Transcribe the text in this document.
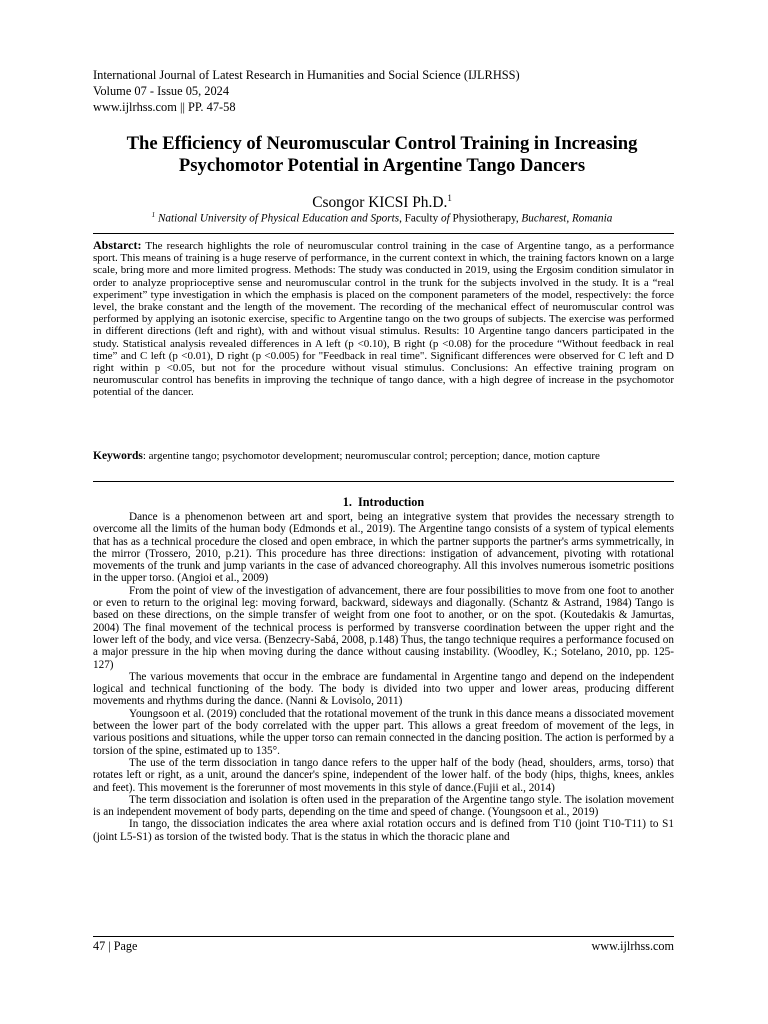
International Journal of Latest Research in Humanities and Social Science (IJLRHSS)
Volume 07 - Issue 05, 2024
www.ijlrhss.com || PP. 47-58
The Efficiency of Neuromuscular Control Training in Increasing
Psychomotor Potential in Argentine Tango Dancers
Csongor KICSI Ph.D.$^1$
$^1$ National University of Physical Education and Sports, Faculty of Physiotherapy, Bucharest, Romania
Abstarct: The research highlights the role of neuromuscular control training in the case of Argentine tango, as a performance sport. This means of training is a huge reserve of performance, in the current context in which, the training factors known on a large scale, bring more and more limited progress. Methods: The study was conducted in 2019, using the Ergosim condition simulator in order to analyze proprioceptive sense and neuromuscular control in the trunk for the subjects involved in the study. It is a “real experiment” type investigation in which the emphasis is placed on the component parameters of the model, respectively: the force level, the brake constant and the length of the movement. The recording of the mechanical effect of neuromuscular control was performed by applying an isotonic exercise, specific to Argentine tango on the two groups of subjects. The exercise was performed in different directions (left and right), with and without visual stimulus. Results: 10 Argentine tango dancers participated in the study. Statistical analysis revealed differences in A left (p <0.10), B right (p <0.08) for the procedure “Without feedback in real time” and C left (p <0.01), D right (p <0.005) for "Feedback in real time". Significant differences were observed for C left and D right within p <0.05, but not for the procedure without visual stimulus. Conclusions: An effective training program on neuromuscular control has benefits in improving the technique of tango dance, with a high degree of increase in the psychomotor potential of the dancer.
Keywords: argentine tango; psychomotor development; neuromuscular control; perception; dance, motion capture
1. Introduction

Dance is a phenomenon between art and sport, being an integrative system that provides the necessary strength to overcome all the limits of the human body (Edmonds et al., 2019). The Argentine tango consists of a system of typical elements that has as a technical procedure the closed and open embrace, in which the partner supports the partner's arms symmetrically, in the mirror (Trossero, 2010, p.21). This procedure has three directions: instigation of advancement, pivoting with rotational movements of the trunk and jump variants in the case of advanced choreography. All this involves numerous isometric positions in the upper torso. (Angioi et al., 2009)

From the point of view of the investigation of advancement, there are four possibilities to move from one foot to another or even to return to the original leg: moving forward, backward, sideways and diagonally. (Schantz & Astrand, 1984) Tango is based on these directions, on the simple transfer of weight from one foot to another, or on the spot. (Koutedakis & Jamurtas, 2004) The final movement of the technical process is performed by transverse coordination between the upper right and the lower left of the body, and vice versa. (Benzecry-Sabá, 2008, p.148) Thus, the tango technique requires a performance focused on a major pressure in the hip when moving during the dance without causing instability. (Woodley, K.; Sotelano, 2010, pp. 125-127)

The various movements that occur in the embrace are fundamental in Argentine tango and depend on the independent logical and technical functioning of the body. The body is divided into two upper and lower areas, producing different movements and rhythms during the dance. (Nanni & Lovisolo, 2011)

Youngsoon et al. (2019) concluded that the rotational movement of the trunk in this dance means a dissociated movement between the lower part of the body correlated with the upper part. This allows a great freedom of movement of the legs, in various positions and situations, while the upper torso can remain connected in the dancing position. The action is performed by a torsion of the spine, estimated up to 135°.

The use of the term dissociation in tango dance refers to the upper half of the body (head, shoulders, arms, torso) that rotates left or right, as a unit, around the dancer's spine, independent of the lower half. of the body (hips, thighs, knees, ankles and feet). This movement is the forerunner of most movements in this style of dance.(Fujii et al., 2014)

The term dissociation and isolation is often used in the preparation of the Argentine tango style. The isolation movement is an independent movement of body parts, depending on the time and speed of change. (Youngsoon et al., 2019)

In tango, the dissociation indicates the area where axial rotation occurs and is defined from T10 (joint T10-T11) to S1 (joint L5-S1) as torsion of the twisted body. That is the status in which the thoracic plane and

47 | Page	www.ijlrhss.com
